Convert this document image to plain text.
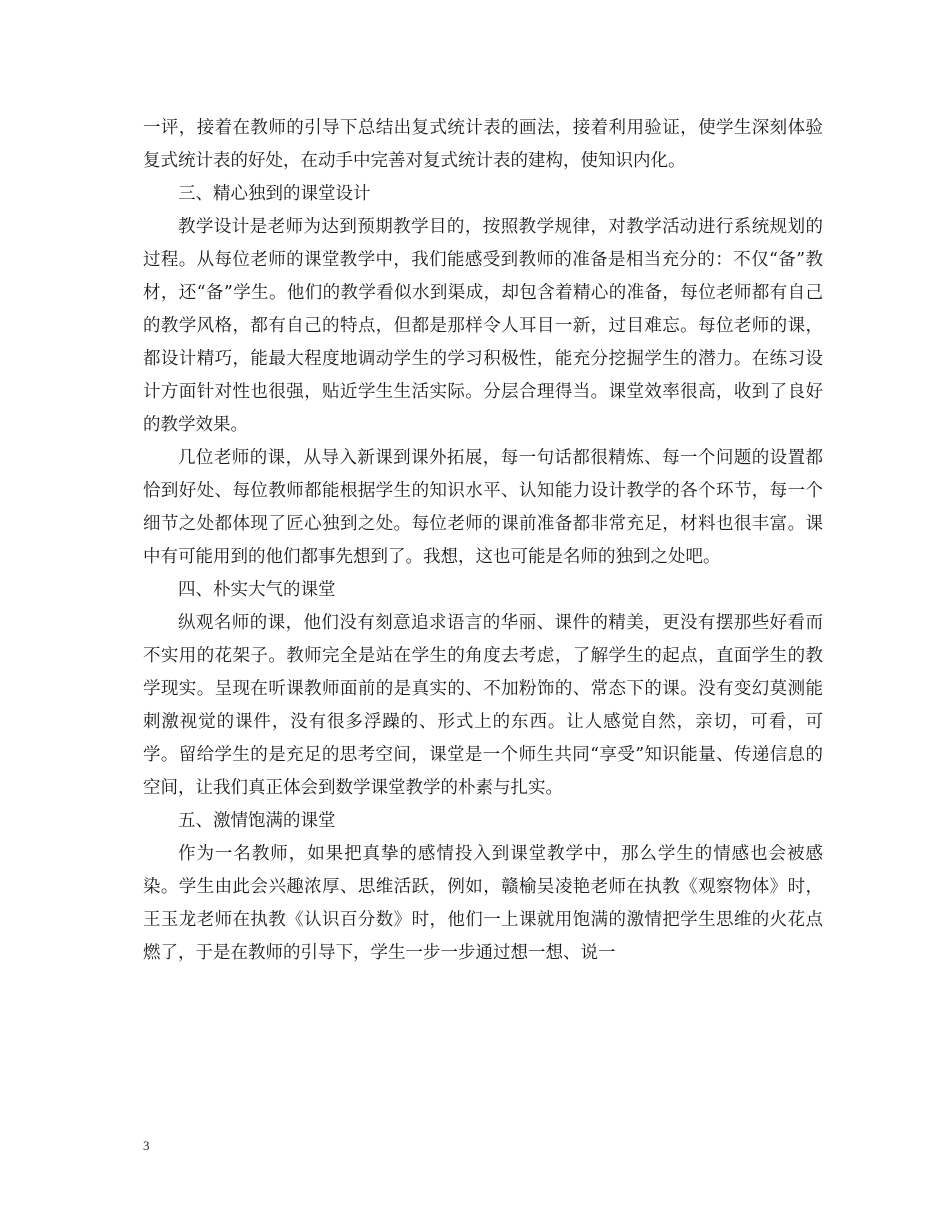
一评，接着在教师的引导下总结出复式统计表的画法，接着利用验证，使学生深刻体验复式统计表的好处，在动手中完善对复式统计表的建构，使知识内化。

三、精心独到的课堂设计

教学设计是老师为达到预期教学目的，按照教学规律，对教学活动进行系统规划的过程。从每位老师的课堂教学中，我们能感受到教师的准备是相当充分的：不仅“备”教材，还“备”学生。他们的教学看似水到渠成，却包含着精心的准备，每位老师都有自己的教学风格，都有自己的特点，但都是那样令人耳目一新，过目难忘。每位老师的课，都设计精巧，能最大程度地调动学生的学习积极性，能充分挖掘学生的潜力。在练习设计方面针对性也很强，贴近学生生活实际。分层合理得当。课堂效率很高，收到了良好的教学效果。

几位老师的课，从导入新课到课外拓展，每一句话都很精炼、每一个问题的设置都恰到好处、每位教师都能根据学生的知识水平、认知能力设计教学的各个环节，每一个细节之处都体现了匠心独到之处。每位老师的课前准备都非常充足，材料也很丰富。课中有可能用到的他们都事先想到了。我想，这也可能是名师的独到之处吧。

四、朴实大气的课堂

纵观名师的课，他们没有刻意追求语言的华丽、课件的精美，更没有摆那些好看而不实用的花架子。教师完全是站在学生的角度去考虑，了解学生的起点，直面学生的教学现实。呈现在听课教师面前的是真实的、不加粉饰的、常态下的课。没有变幻莫测能刺激视觉的课件，没有很多浮躁的、形式上的东西。让人感觉自然，亲切，可看，可学。留给学生的是充足的思考空间，课堂是一个师生共同“享受”知识能量、传递信息的空间，让我们真正体会到数学课堂教学的朴素与扎实。

五、激情饱满的课堂

作为一名教师，如果把真挚的感情投入到课堂教学中，那么学生的情感也会被感染。学生由此会兴趣浓厚、思维活跃，例如，赣榆吴凌艳老师在执教《观察物体》时，王玉龙老师在执教《认识百分数》时，他们一上课就用饱满的激情把学生思维的火花点燃了，于是在教师的引导下，学生一步一步通过想一想、说一

3
